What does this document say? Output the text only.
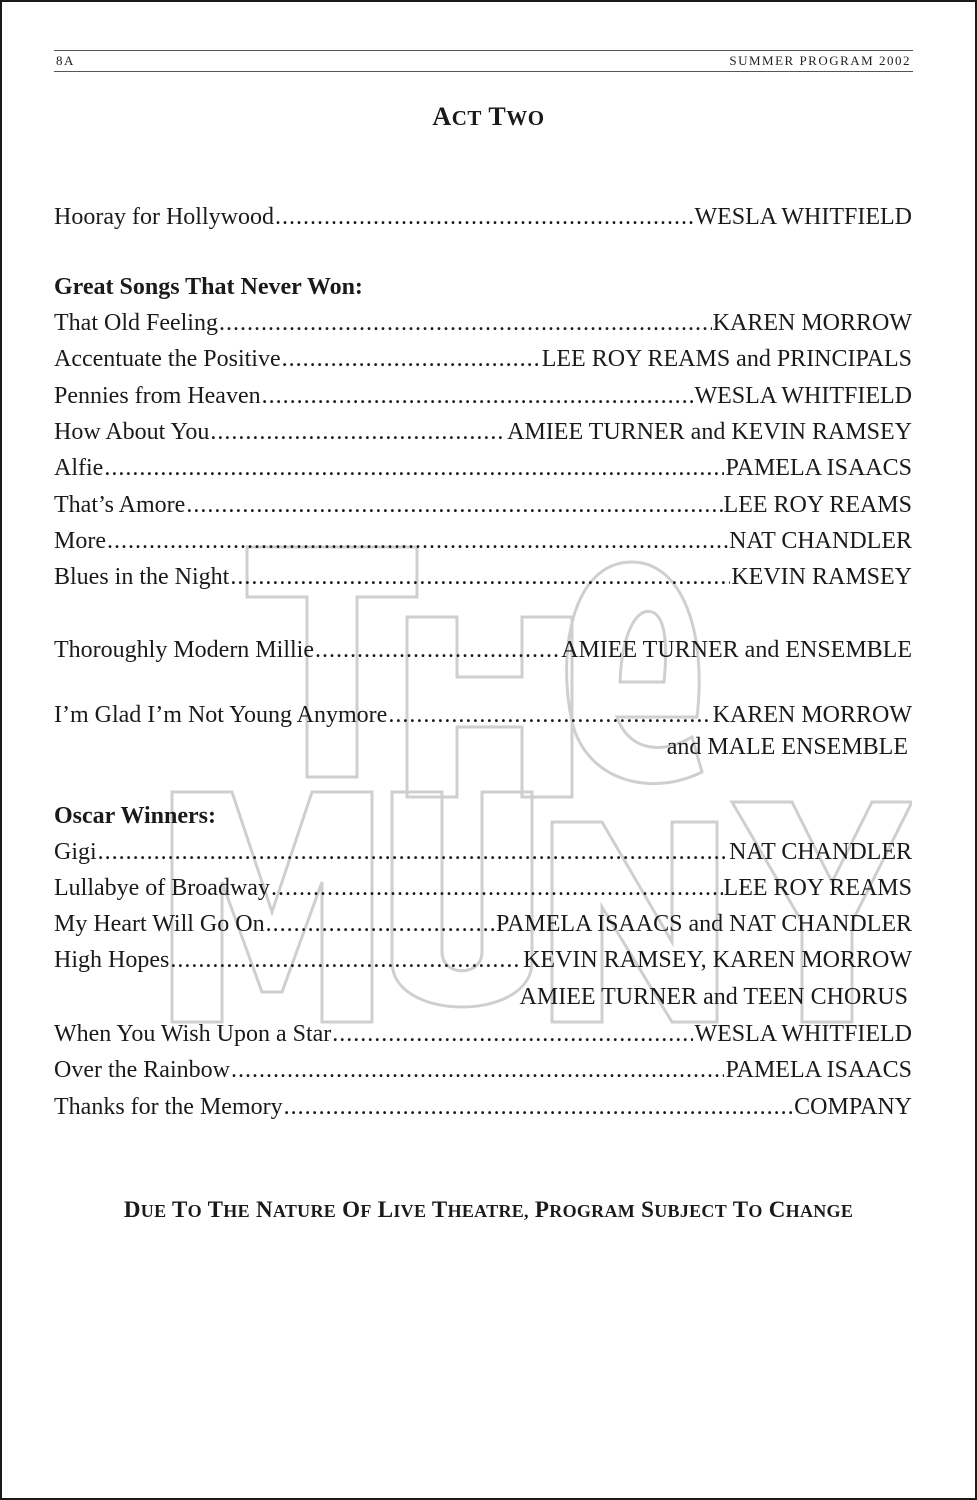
8A	SUMMER PROGRAM 2002
ACT TWO
Hooray for Hollywood .....	WESLA WHITFIELD
Great Songs That Never Won:
That Old Feeling .....	KAREN MORROW
Accentuate the Positive .....	LEE ROY REAMS and PRINCIPALS
Pennies from Heaven .....	WESLA WHITFIELD
How About You .....	AMIEE TURNER and KEVIN RAMSEY
Alfie .....	PAMELA ISAACS
That’s Amore .....	LEE ROY REAMS
More .....	NAT CHANDLER
Blues in the Night .....	KEVIN RAMSEY
Thoroughly Modern Millie .....	AMIEE TURNER and ENSEMBLE
I’m Glad I’m Not Young Anymore .....	KAREN MORROW
and MALE ENSEMBLE
Oscar Winners:
Gigi .....	NAT CHANDLER
Lullabye of Broadway .....	LEE ROY REAMS
My Heart Will Go On .....	PAMELA ISAACS and NAT CHANDLER
High Hopes .....	KEVIN RAMSEY, KAREN MORROW
AMIEE TURNER and TEEN CHORUS
When You Wish Upon a Star .....	WESLA WHITFIELD
Over the Rainbow .....	PAMELA ISAACS
Thanks for the Memory .....	COMPANY
DUE TO THE NATURE OF LIVE THEATRE, PROGRAM SUBJECT TO CHANGE
